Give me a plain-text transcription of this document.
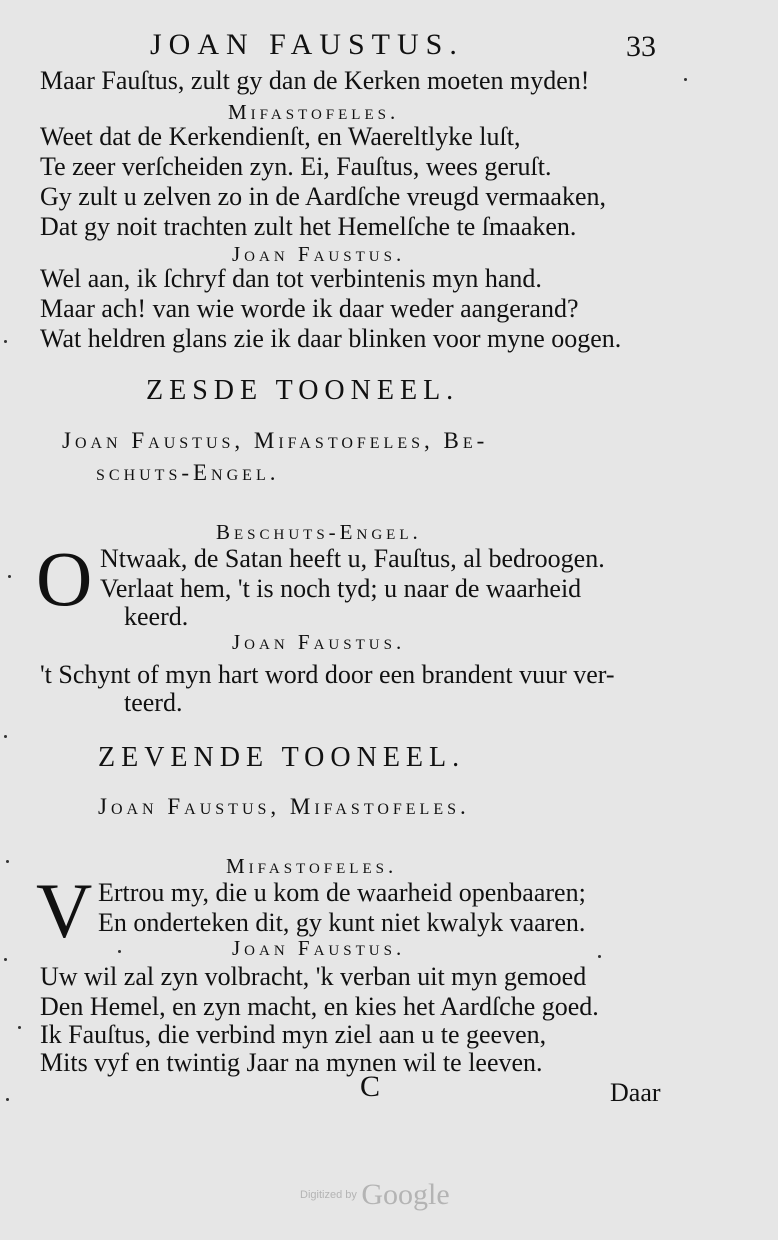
JOAN FAUSTUS.	33
Maar Fauſtus, zult gy dan de Kerken moeten myden!
Mifastofeles.
Weet dat de Kerkendienſt, en Waereltlyke luſt,
Te zeer verſcheiden zyn. Ei, Fauſtus, wees geruſt.
Gy zult u zelven zo in de Aardſche vreugd vermaaken,
Dat gy noit trachten zult het Hemelſche te ſmaaken.
Joan Faustus.
Wel aan, ik ſchryf dan tot verbintenis myn hand.
Maar ach! van wie worde ik daar weder aangerand?
Wat heldren glans zie ik daar blinken voor myne oogen.
ZESDE TOONEEL.
Joan Faustus, Mifastofeles, Be-
schuts-Engel.
Beschuts-Engel.
O Ntwaak, de Satan heeft u, Fauſtus, al bedroogen.
Verlaat hem, 't is noch tyd; u naar de waarheid
keerd.
Joan Faustus.
't Schynt of myn hart word door een brandent vuur ver-
teerd.
ZEVENDE TOONEEL.
Joan Faustus, Mifastofeles.
Mifastofeles.
V Ertrou my, die u kom de waarheid openbaaren;
En onderteken dit, gy kunt niet kwalyk vaaren.
Joan Faustus.
Uw wil zal zyn volbracht, 'k verban uit myn gemoed
Den Hemel, en zyn macht, en kies het Aardſche goed.
Ik Fauſtus, die verbind myn ziel aan u te geeven,
Mits vyf en twintig Jaar na mynen wil te leeven.
C	Daar
Digitized by Google
